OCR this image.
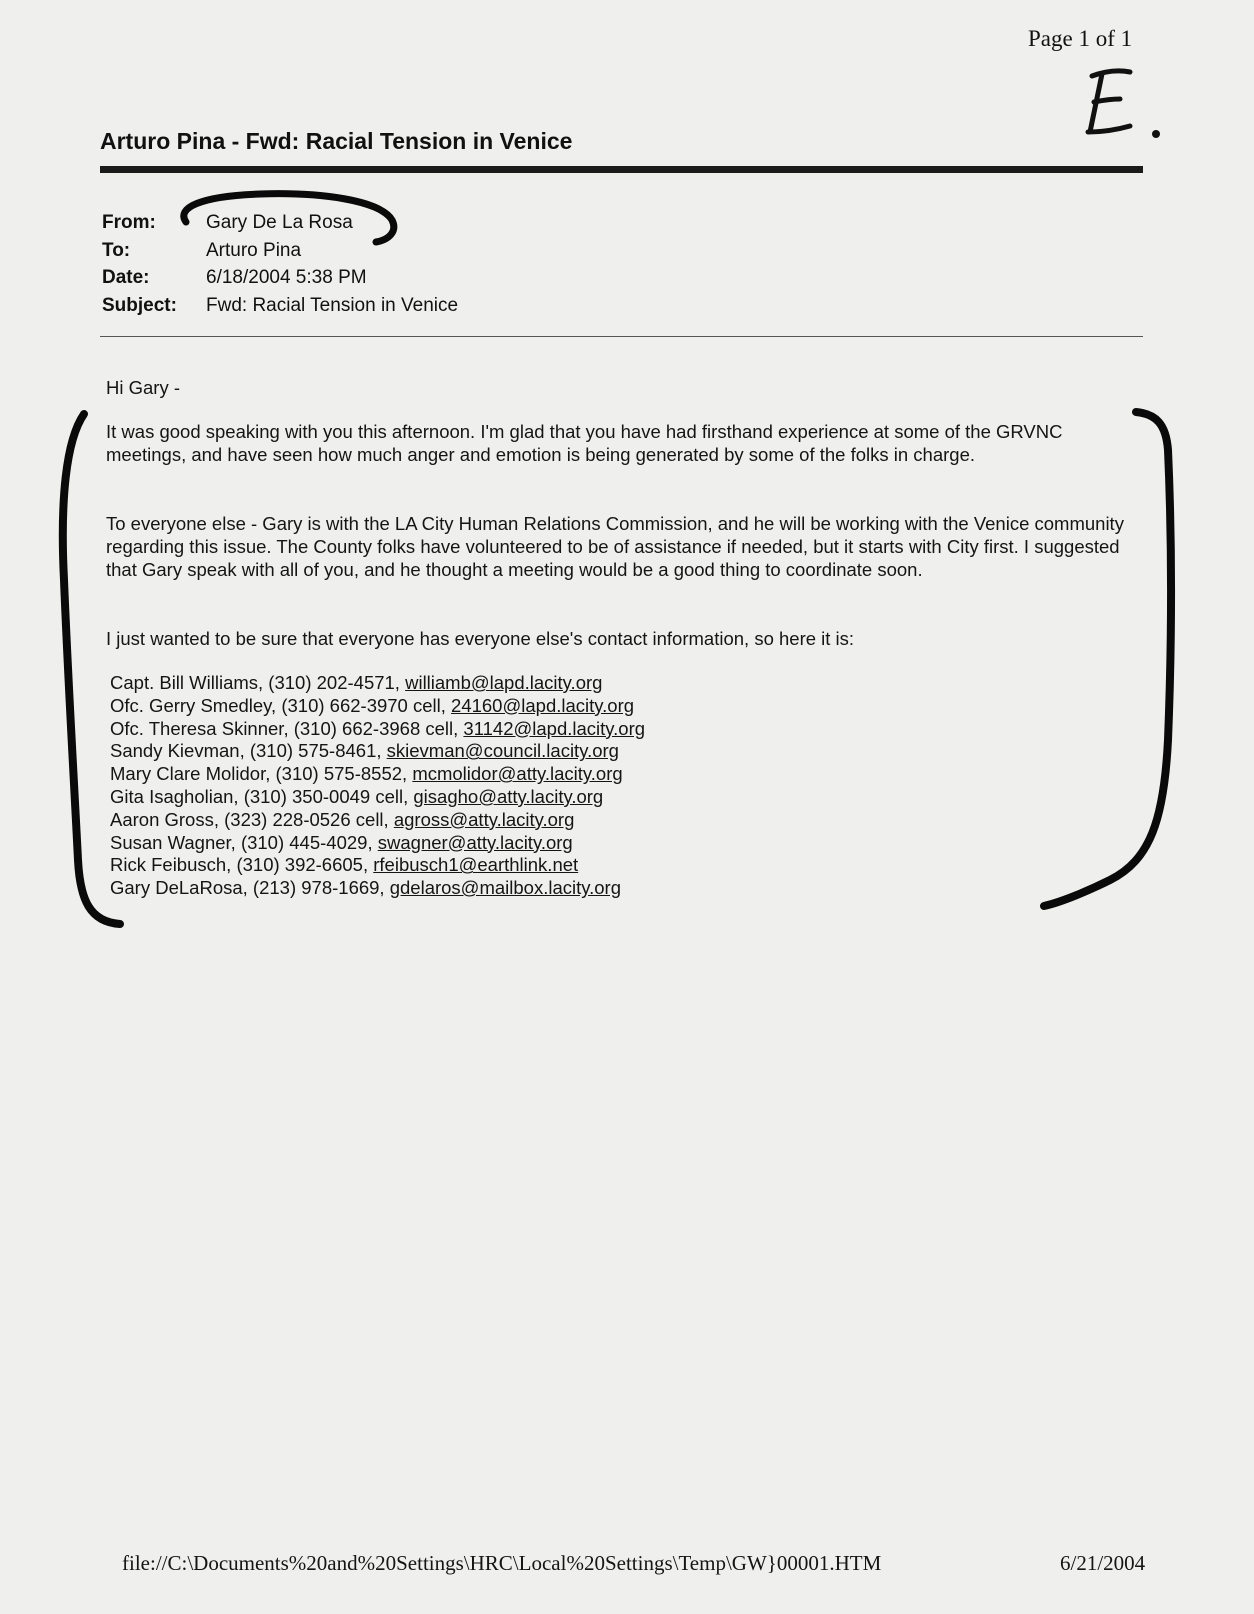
Page 1 of 1
Arturo Pina - Fwd: Racial Tension in Venice
From:	Gary De La Rosa
To:	Arturo Pina
Date:	6/18/2004 5:38 PM
Subject:	Fwd: Racial Tension in Venice
Hi Gary -
It was good speaking with you this afternoon. I'm glad that you have had firsthand experience at some of the GRVNC meetings, and have seen how much anger and emotion is being generated by some of the folks in charge.
To everyone else - Gary is with the LA City Human Relations Commission, and he will be working with the Venice community regarding this issue. The County folks have volunteered to be of assistance if needed, but it starts with City first. I suggested that Gary speak with all of you, and he thought a meeting would be a good thing to coordinate soon.
I just wanted to be sure that everyone has everyone else's contact information, so here it is:
Capt. Bill Williams, (310) 202-4571, williamb@lapd.lacity.org
Ofc. Gerry Smedley, (310) 662-3970 cell, 24160@lapd.lacity.org
Ofc. Theresa Skinner, (310) 662-3968 cell, 31142@lapd.lacity.org
Sandy Kievman, (310) 575-8461, skievman@council.lacity.org
Mary Clare Molidor, (310) 575-8552, mcmolidor@atty.lacity.org
Gita Isagholian, (310) 350-0049 cell, gisagho@atty.lacity.org
Aaron Gross, (323) 228-0526 cell, agross@atty.lacity.org
Susan Wagner, (310) 445-4029, swagner@atty.lacity.org
Rick Feibusch, (310) 392-6605, rfeibusch1@earthlink.net
Gary DeLaRosa, (213) 978-1669, gdelaros@mailbox.lacity.org
file://C:\Documents%20and%20Settings\HRC\Local%20Settings\Temp\GW}00001.HTM	6/21/2004
